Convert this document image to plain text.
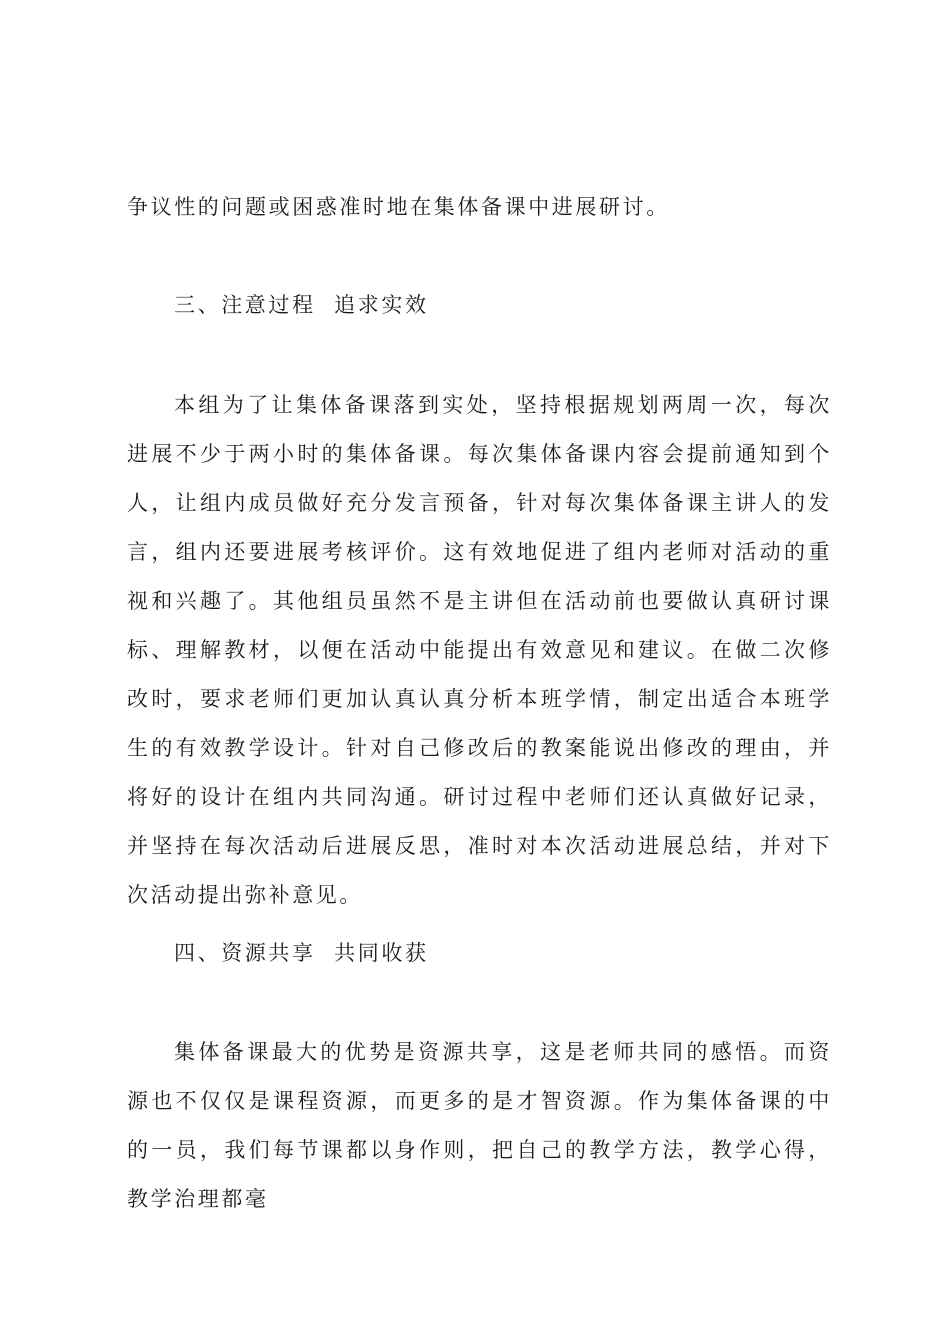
争议性的问题或困惑准时地在集体备课中进展研讨。
三、注意过程  追求实效
本组为了让集体备课落到实处，坚持根据规划两周一次，每次进展不少于两小时的集体备课。每次集体备课内容会提前通知到个人，让组内成员做好充分发言预备，针对每次集体备课主讲人的发言，组内还要进展考核评价。这有效地促进了组内老师对活动的重视和兴趣了。其他组员虽然不是主讲但在活动前也要做认真研讨课标、理解教材，以便在活动中能提出有效意见和建议。在做二次修改时，要求老师们更加认真认真分析本班学情，制定出适合本班学生的有效教学设计。针对自己修改后的教案能说出修改的理由，并将好的设计在组内共同沟通。研讨过程中老师们还认真做好记录，并坚持在每次活动后进展反思，准时对本次活动进展总结，并对下次活动提出弥补意见。
四、资源共享  共同收获
集体备课最大的优势是资源共享，这是老师共同的感悟。而资源也不仅仅是课程资源，而更多的是才智资源。作为集体备课的中的一员，我们每节课都以身作则，把自己的教学方法，教学心得，教学治理都毫
